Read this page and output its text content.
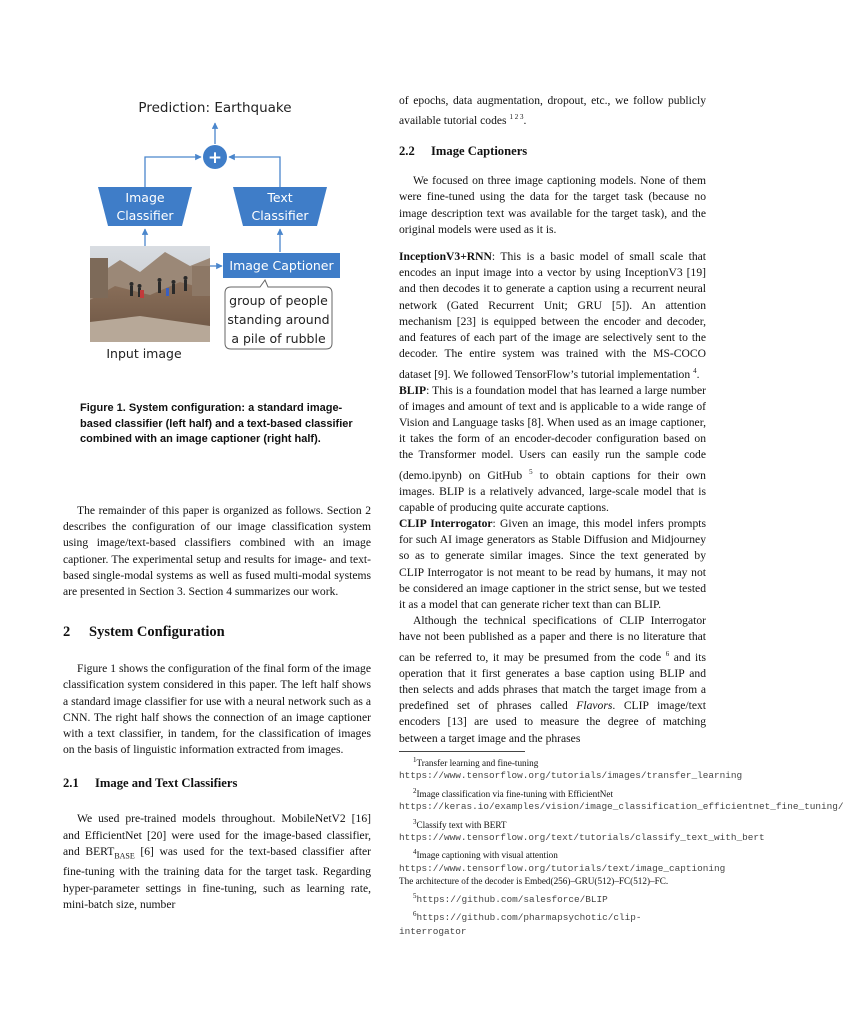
Prediction: Earthquake
+
Image
Classifier
Text
Classifier
Image Captioner
group of people
standing around
a pile of rubble
Input image

Figure 1. System configuration: a standard image-based classifier (left half) and a text-based classifier combined with an image captioner (right half).

The remainder of this paper is organized as follows. Section 2 describes the configuration of our image classification system using image/text-based classifiers combined with an image captioner. The experimental setup and results for image- and text-based single-modal systems as well as fused multi-modal systems are presented in Section 3. Section 4 summarizes our work.

2 System Configuration

Figure 1 shows the configuration of the final form of the image classification system considered in this paper. The left half shows a standard image classifier for use with a neural network such as a CNN. The right half shows the connection of an image captioner with a text classifier, in tandem, for the classification of images on the basis of linguistic information extracted from images.

2.1 Image and Text Classifiers

We used pre-trained models throughout. MobileNetV2 [16] and EfficientNet [20] were used for the image-based classifier, and $BERT_{BASE}$ [6] was used for the text-based classifier after fine-tuning with the training data for the target task. Regarding hyper-parameter settings in fine-tuning, such as learning rate, mini-batch size, number

of epochs, data augmentation, dropout, etc., we follow publicly available tutorial codes $^{1 2 3}$.

2.2 Image Captioners

We focused on three image captioning models. None of them were fine-tuned using the data for the target task (because no image description text was available for the target task), and the original models were used as it is.

InceptionV3+RNN: This is a basic model of small scale that encodes an input image into a vector by using InceptionV3 [19] and then decodes it to generate a caption using a recurrent neural network (Gated Recurrent Unit; GRU [5]). An attention mechanism [23] is equipped between the encoder and decoder, and features of each part of the image are selectively sent to the decoder. The entire system was trained with the MS-COCO dataset [9]. We followed TensorFlow’s tutorial implementation $^4$.

BLIP: This is a foundation model that has learned a large number of images and amount of text and is applicable to a wide range of Vision and Language tasks [8]. When used as an image captioner, it takes the form of an encoder-decoder configuration based on the Transformer model. Users can easily run the sample code (demo.ipynb) on GitHub $^5$ to obtain captions for their own images. BLIP is a relatively advanced, large-scale model that is capable of producing quite accurate captions.

CLIP Interrogator: Given an image, this model infers prompts for such AI image generators as Stable Diffusion and Midjourney so as to generate similar images. Since the text generated by CLIP Interrogator is not meant to be read by humans, it may not be considered an image captioner in the strict sense, but we tested it as a model that can generate richer text than can BLIP.

Although the technical specifications of CLIP Interrogator have not been published as a paper and there is no literature that can be referred to, it may be presumed from the code $^6$ and its operation that it first generates a base caption using BLIP and then selects and adds phrases that match the target image from a predefined set of phrases called Flavors. CLIP image/text encoders [13] are used to measure the degree of matching between a target image and the phrases

$^1$Transfer learning and fine-tuning https://www.tensorflow.org/tutorials/images/transfer_learning

$^2$Image classification via fine-tuning with EfficientNet https://keras.io/examples/vision/image_classification_efficientnet_fine_tuning/

$^3$Classify text with BERT https://www.tensorflow.org/text/tutorials/classify_text_with_bert

$^4$Image captioning with visual attention https://www.tensorflow.org/tutorials/text/image_captioning The architecture of the decoder is Embed(256)–GRU(512)–FC(512)–FC.

$^5$https://github.com/salesforce/BLIP

$^6$https://github.com/pharmapsychotic/clip-interrogator
